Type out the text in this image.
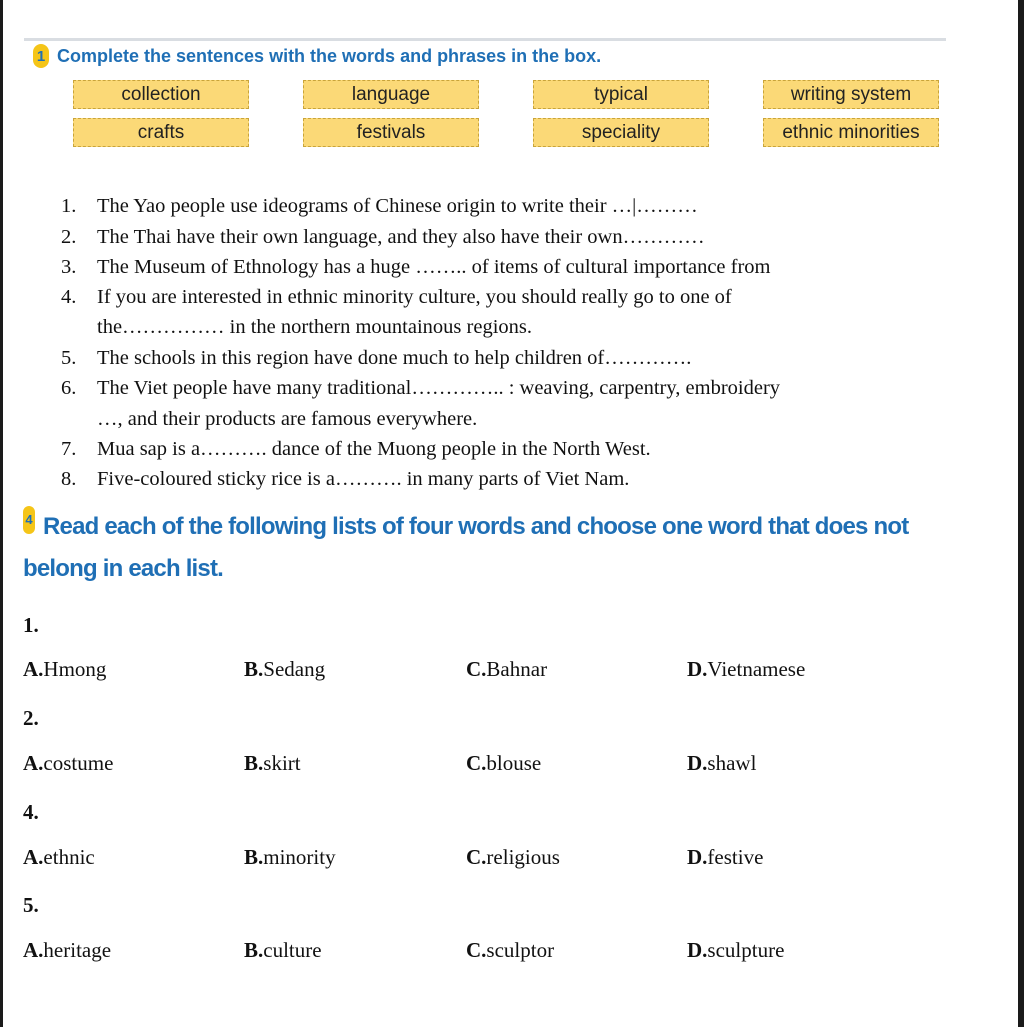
1 Complete the sentences with the words and phrases in the box.
collection	language	typical	writing system
crafts	festivals	speciality	ethnic minorities
1.	The Yao people use ideograms of Chinese origin to write their …|………
2.	The Thai have their own language, and they also have their own…………
3.	The Museum of Ethnology has a huge …….. of items of cultural importance from
4.	If you are interested in ethnic minority culture, you should really go to one of
the…………… in the northern mountainous regions.
5.	The schools in this region have done much to help children of………….
6.	The Viet people have many traditional………….. : weaving, carpentry, embroidery
…, and their products are famous everywhere.
7.	Mua sap is a………. dance of the Muong people in the North West.
8.	Five-coloured sticky rice is a………. in many parts of Viet Nam.
4 Read each of the following lists of four words and choose one word that does not belong in each list.
1.
A.Hmong	B.Sedang	C.Bahnar	D.Vietnamese
2.
A.costume	B.skirt	C.blouse	D.shawl
4.
A.ethnic	B.minority	C.religious	D.festive
5.
A.heritage	B.culture	C.sculptor	D.sculpture
